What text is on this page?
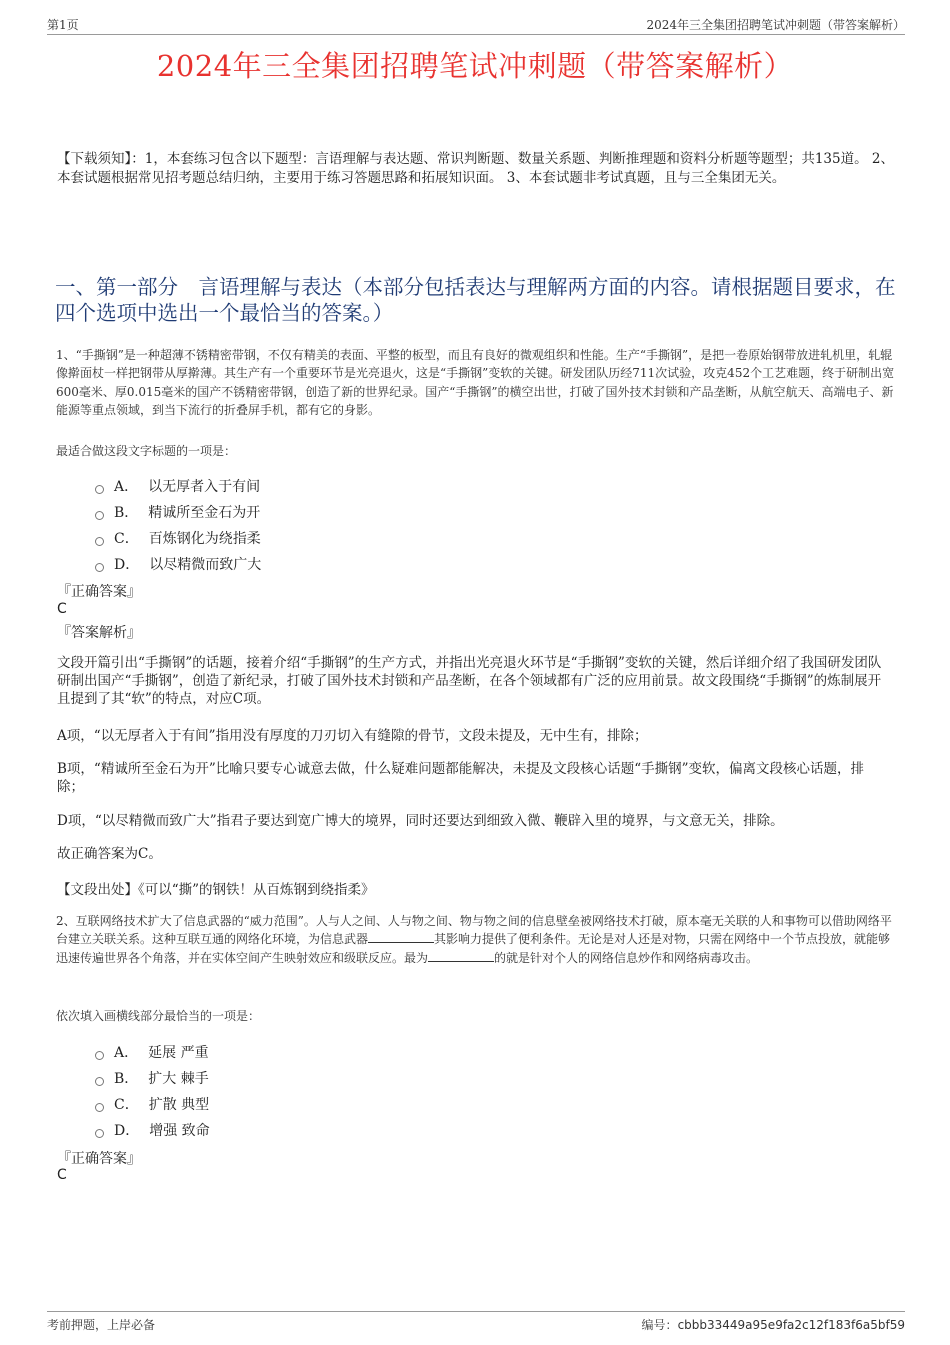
第1页	2024年三全集团招聘笔试冲刺题（带答案解析）
2024年三全集团招聘笔试冲刺题（带答案解析）
【下载须知】：1，本套练习包含以下题型：言语理解与表达题、常识判断题、数量关系题、判断推理题和资料分析题等题型；共135道。 2、本套试题根据常见招考题总结归纳，主要用于练习答题思路和拓展知识面。 3、本套试题非考试真题，且与三全集团无关。
一、第一部分　言语理解与表达（本部分包括表达与理解两方面的内容。请根据题目要求，在四个选项中选出一个最恰当的答案。）
1、“手撕钢”是一种超薄不锈精密带钢，不仅有精美的表面、平整的板型，而且有良好的微观组织和性能。生产“手撕钢”，是把一卷原始钢带放进轧机里，轧辊像擀面杖一样把钢带从厚擀薄。其生产有一个重要环节是光亮退火，这是“手撕钢”变软的关键。研发团队历经711次试验，攻克452个工艺难题，终于研制出宽600毫米、厚0.015毫米的国产不锈精密带钢，创造了新的世界纪录。国产“手撕钢”的横空出世，打破了国外技术封锁和产品垄断，从航空航天、高端电子、新能源等重点领域，到当下流行的折叠屏手机，都有它的身影。
最适合做这段文字标题的一项是：
A． 以无厚者入于有间
B． 精诚所至金石为开
C． 百炼钢化为绕指柔
D． 以尽精微而致广大
『正确答案』
C
『答案解析』
文段开篇引出“手撕钢”的话题，接着介绍“手撕钢”的生产方式，并指出光亮退火环节是“手撕钢”变软的关键，然后详细介绍了我国研发团队研制出国产“手撕钢”，创造了新纪录，打破了国外技术封锁和产品垄断，在各个领域都有广泛的应用前景。故文段围绕“手撕钢”的炼制展开且提到了其“软”的特点，对应C项。
A项，“以无厚者入于有间”指用没有厚度的刀刃切入有缝隙的骨节，文段未提及，无中生有，排除；
B项，“精诚所至金石为开”比喻只要专心诚意去做，什么疑难问题都能解决，未提及文段核心话题“手撕钢”变软，偏离文段核心话题，排除；
D项，“以尽精微而致广大”指君子要达到宽广博大的境界，同时还要达到细致入微、鞭辟入里的境界，与文意无关，排除。
故正确答案为C。
【文段出处】《可以“撕”的钢铁！从百炼钢到绕指柔》
2、互联网络技术扩大了信息武器的“威力范围”。人与人之间、人与物之间、物与物之间的信息壁垒被网络技术打破，原本毫无关联的人和事物可以借助网络平台建立关联关系。这种互联互通的网络化环境，为信息武器	其影响力提供了便利条件。无论是对人还是对物，只需在网络中一个节点投放，就能够迅速传遍世界各个角落，并在实体空间产生映射效应和级联反应。最为	的就是针对个人的网络信息炒作和网络病毒攻击。
依次填入画横线部分最恰当的一项是：
A． 延展 严重
B． 扩大 棘手
C． 扩散 典型
D． 增强 致命
『正确答案』
C
考前押题，上岸必备	编号：cbbb33449a95e9fa2c12f183f6a5bf59
